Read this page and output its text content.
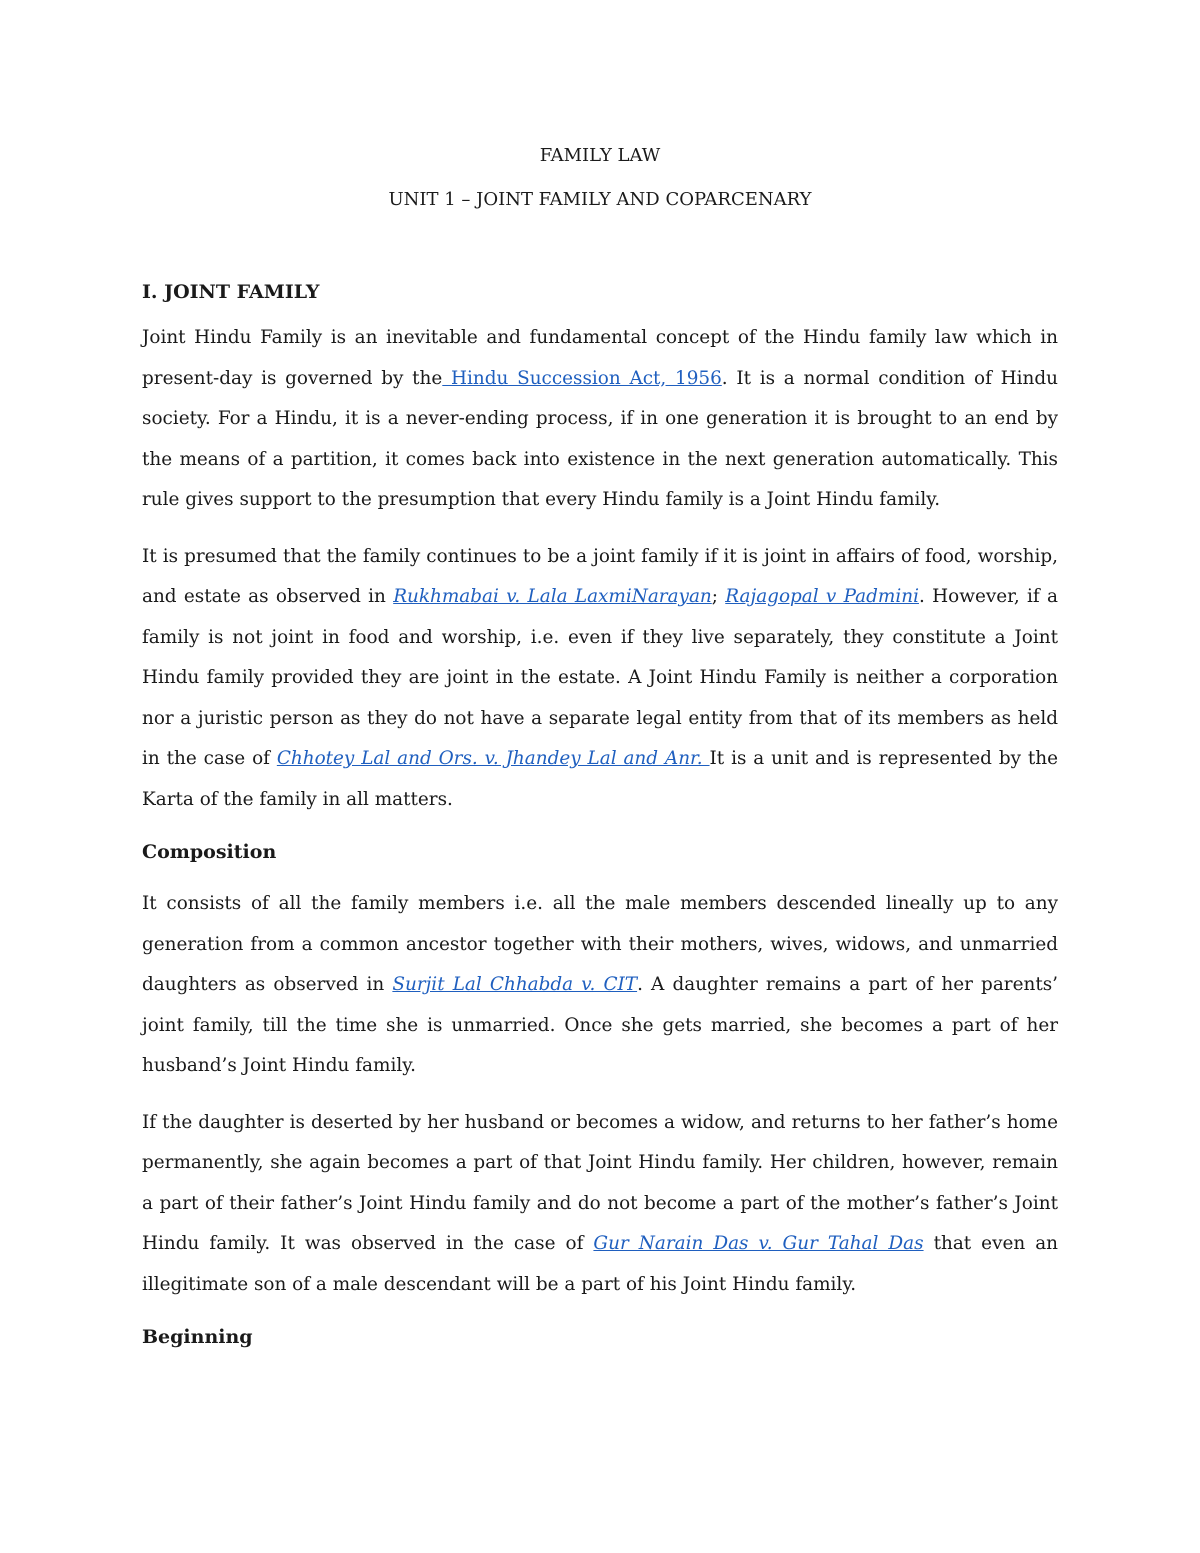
FAMILY LAW
UNIT 1 – JOINT FAMILY AND COPARCENARY
I. JOINT FAMILY

Joint Hindu Family is an inevitable and fundamental concept of the Hindu family law which in present-day is governed by the Hindu Succession Act, 1956. It is a normal condition of Hindu society. For a Hindu, it is a never-ending process, if in one generation it is brought to an end by the means of a partition, it comes back into existence in the next generation automatically. This rule gives support to the presumption that every Hindu family is a Joint Hindu family.

It is presumed that the family continues to be a joint family if it is joint in affairs of food, worship, and estate as observed in Rukhmabai v. Lala LaxmiNarayan; Rajagopal v Padmini. However, if a family is not joint in food and worship, i.e. even if they live separately, they constitute a Joint Hindu family provided they are joint in the estate. A Joint Hindu Family is neither a corporation nor a juristic person as they do not have a separate legal entity from that of its members as held in the case of Chhotey Lal and Ors. v. Jhandey Lal and Anr. It is a unit and is represented by the Karta of the family in all matters.

Composition

It consists of all the family members i.e. all the male members descended lineally up to any generation from a common ancestor together with their mothers, wives, widows, and unmarried daughters as observed in Surjit Lal Chhabda v. CIT. A daughter remains a part of her parents’ joint family, till the time she is unmarried. Once she gets married, she becomes a part of her husband’s Joint Hindu family.

If the daughter is deserted by her husband or becomes a widow, and returns to her father’s home permanently, she again becomes a part of that Joint Hindu family. Her children, however, remain a part of their father’s Joint Hindu family and do not become a part of the mother’s father’s Joint Hindu family. It was observed in the case of Gur Narain Das v. Gur Tahal Das that even an illegitimate son of a male descendant will be a part of his Joint Hindu family.

Beginning
